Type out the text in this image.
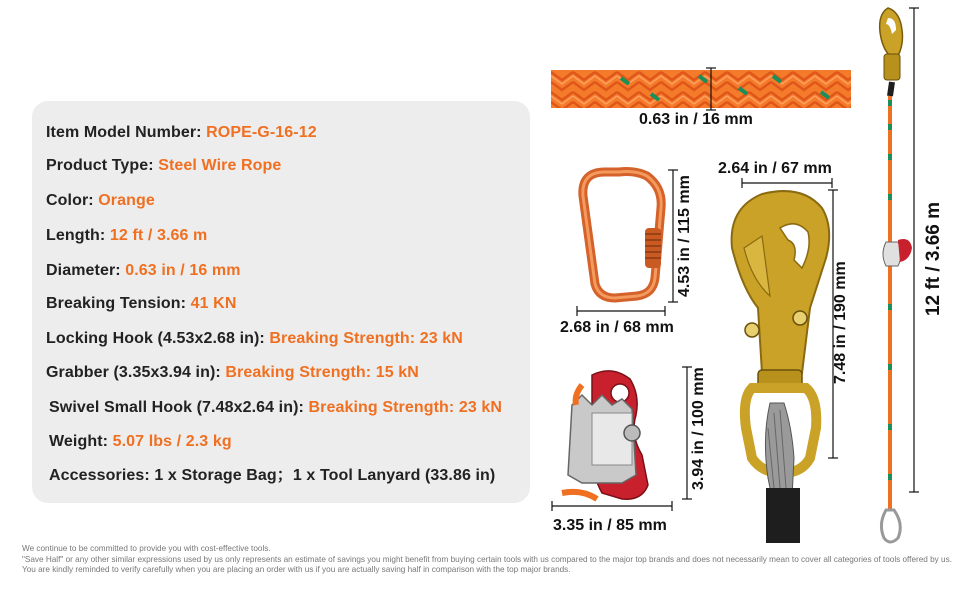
Item Model Number: ROPE-G-16-12
Product Type: Steel Wire Rope
Color: Orange
Length: 12 ft / 3.66 m
Diameter: 0.63 in / 16 mm
Breaking Tension: 41 KN
Locking Hook (4.53x2.68 in): Breaking Strength: 23 kN
Grabber (3.35x3.94 in): Breaking Strength: 15 kN
Swivel Small Hook (7.48x2.64 in): Breaking Strength: 23 kN
Weight: 5.07 lbs / 2.3 kg
Accessories: 1 x Storage Bag；1 x Tool Lanyard (33.86 in)
0.63 in / 16 mm
4.53 in / 115 mm
2.68 in / 68 mm
2.64 in / 67 mm
7.48 in / 190 mm
3.94 in / 100 mm
3.35 in / 85 mm
12 ft / 3.66 m
We continue to be committed to provide you with cost-effective tools.
"Save Half" or any other similar expressions used by us only represents an estimate of savings you might benefit from buying certain tools with us compared to the major top brands and does not necessarily mean to cover all categories of tools offered by us.
You are kindly reminded to verify carefully when you are placing an order with us if you are actually saving half in comparison with the top major brands.
